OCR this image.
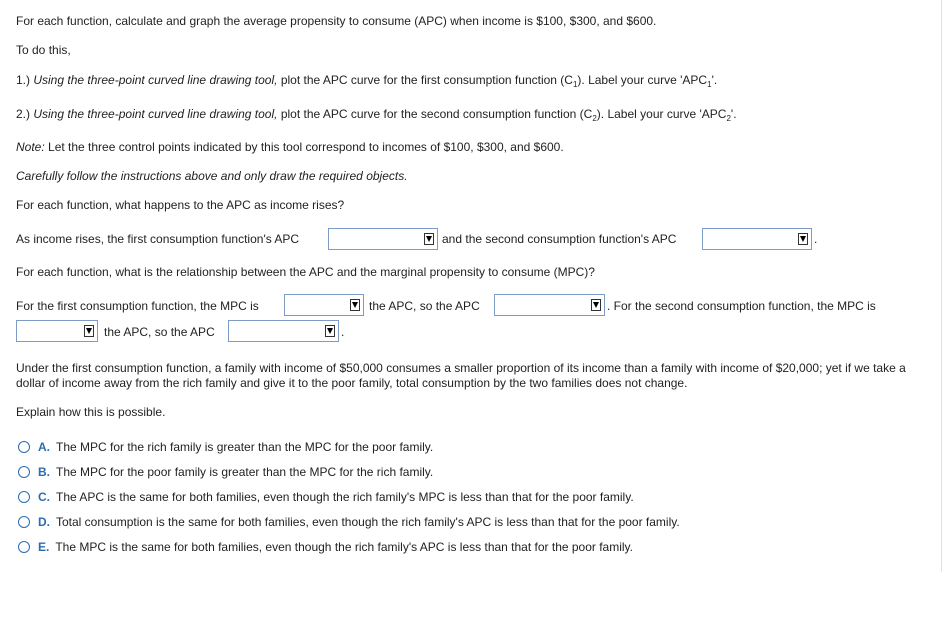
For each function, calculate and graph the average propensity to consume (APC) when income is $100, $300, and $600.
To do this,
1.) Using the three-point curved line drawing tool, plot the APC curve for the first consumption function $(C_1)$. Label your curve '$APC_1$'.
2.) Using the three-point curved line drawing tool, plot the APC curve for the second consumption function $(C_2)$. Label your curve '$APC_2$'.
Note: Let the three control points indicated by this tool correspond to incomes of $100, $300, and $600.
Carefully follow the instructions above and only draw the required objects.
For each function, what happens to the APC as income rises?
As income rises, the first consumption function's APC	and the second consumption function's APC	.
For each function, what is the relationship between the APC and the marginal propensity to consume (MPC)?
For the first consumption function, the MPC is	the APC, so the APC	. For the second consumption function, the MPC is
the APC, so the APC	.
Under the first consumption function, a family with income of $50,000 consumes a smaller proportion of its income than a family with income of $20,000; yet if we take a dollar of income away from the rich family and give it to the poor family, total consumption by the two families does not change.
Explain how this is possible.
A. The MPC for the rich family is greater than the MPC for the poor family.
B. The MPC for the poor family is greater than the MPC for the rich family.
C. The APC is the same for both families, even though the rich family's MPC is less than that for the poor family.
D. Total consumption is the same for both families, even though the rich family's APC is less than that for the poor family.
E. The MPC is the same for both families, even though the rich family's APC is less than that for the poor family.
